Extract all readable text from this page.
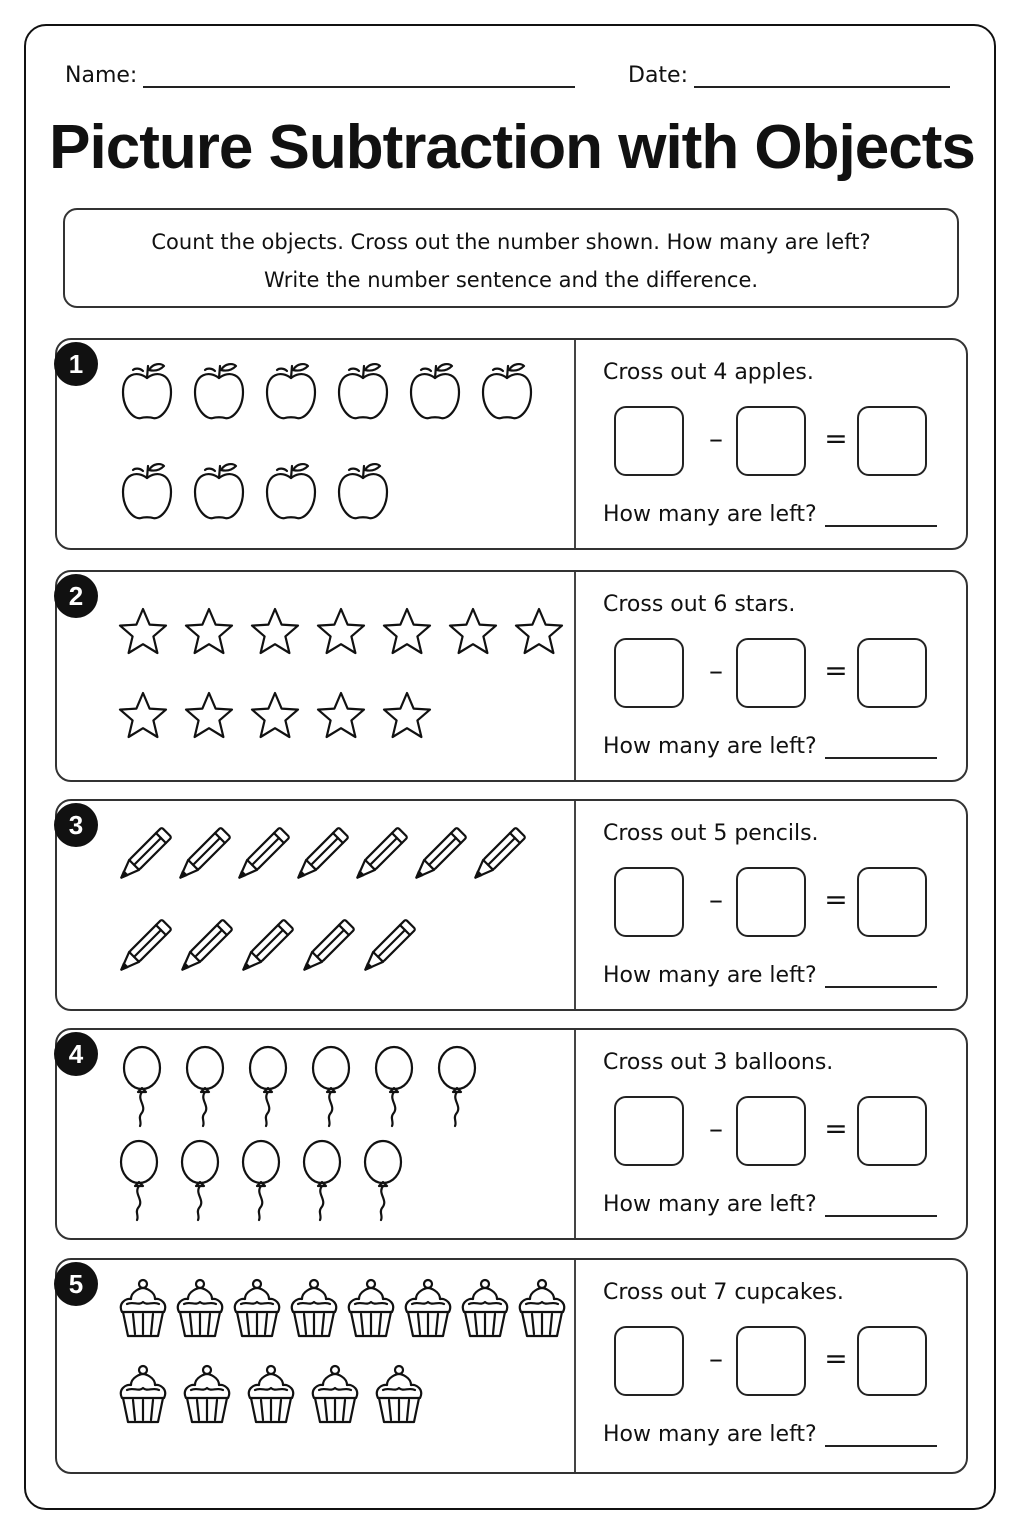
Name:	Date:
Picture Subtraction with Objects
Count the objects. Cross out the number shown. How many are left?
Write the number sentence and the difference.
1	Cross out 4 apples.
–	=
How many are left?
2	Cross out 6 stars.
–	=
How many are left?
3	Cross out 5 pencils.
–	=
How many are left?
4	Cross out 3 balloons.
–	=
How many are left?
5	Cross out 7 cupcakes.
–	=
How many are left?
